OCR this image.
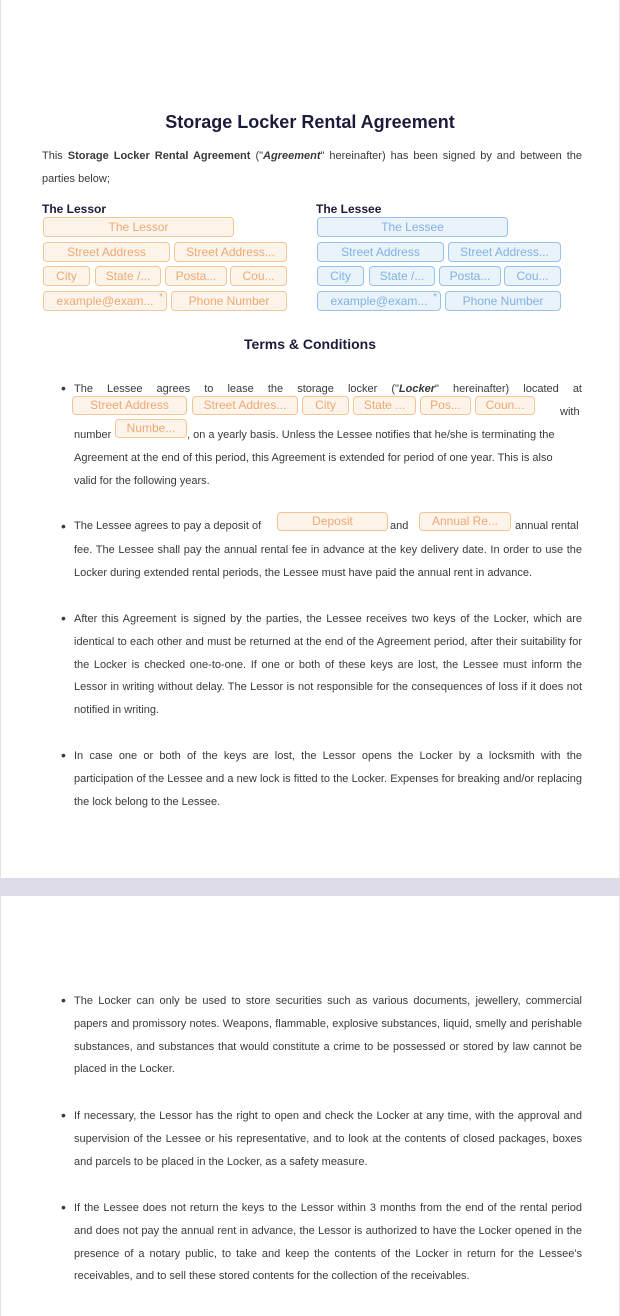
Storage Locker Rental Agreement
This Storage Locker Rental Agreement ("Agreement" hereinafter) has been signed by and between the parties below;
The Lessor
The Lessor
Street Address	Street Address...
City	State /...	Posta...	Cou...
example@exam... *	Phone Number
The Lessee
The Lessee
Street Address	Street Address...
City	State /...	Posta...	Cou...
example@exam... *	Phone Number
Terms & Conditions
• The Lessee agrees to lease the storage locker ("Locker" hereinafter) located at
Street Address	Street Addres...	City	State ...	Pos...	Coun...	with
number	Numbe...	, on a yearly basis. Unless the Lessee notifies that he/she is terminating the
Agreement at the end of this period, this Agreement is extended for period of one year. This is also
valid for the following years.
• The Lessee agrees to pay a deposit of	Deposit	and	Annual Re...	annual rental
fee. The Lessee shall pay the annual rental fee in advance at the key delivery date. In order to use the Locker during extended rental periods, the Lessee must have paid the annual rent in advance.
• After this Agreement is signed by the parties, the Lessee receives two keys of the Locker, which are identical to each other and must be returned at the end of the Agreement period, after their suitability for the Locker is checked one-to-one. If one or both of these keys are lost, the Lessee must inform the Lessor in writing without delay. The Lessor is not responsible for the consequences of loss if it does not notified in writing.
• In case one or both of the keys are lost, the Lessor opens the Locker by a locksmith with the participation of the Lessee and a new lock is fitted to the Locker. Expenses for breaking and/or replacing the lock belong to the Lessee.
• The Locker can only be used to store securities such as various documents, jewellery, commercial papers and promissory notes. Weapons, flammable, explosive substances, liquid, smelly and perishable substances, and substances that would constitute a crime to be possessed or stored by law cannot be placed in the Locker.
• If necessary, the Lessor has the right to open and check the Locker at any time, with the approval and supervision of the Lessee or his representative, and to look at the contents of closed packages, boxes and parcels to be placed in the Locker, as a safety measure.
• If the Lessee does not return the keys to the Lessor within 3 months from the end of the rental period and does not pay the annual rent in advance, the Lessor is authorized to have the Locker opened in the presence of a notary public, to take and keep the contents of the Locker in return for the Lessee's receivables, and to sell these stored contents for the collection of the receivables.
